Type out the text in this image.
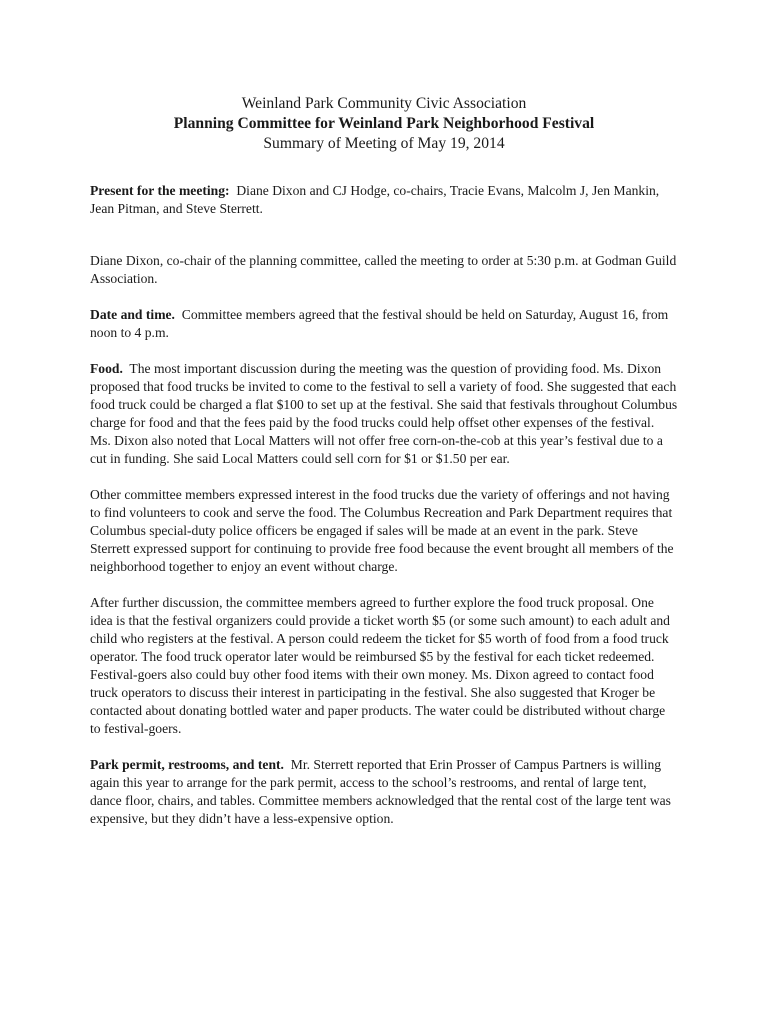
Weinland Park Community Civic Association
Planning Committee for Weinland Park Neighborhood Festival
Summary of Meeting of May 19, 2014

Present for the meeting: Diane Dixon and CJ Hodge, co-chairs, Tracie Evans, Malcolm J, Jen Mankin, Jean Pitman, and Steve Sterrett.

Diane Dixon, co-chair of the planning committee, called the meeting to order at 5:30 p.m. at Godman Guild Association.

Date and time. Committee members agreed that the festival should be held on Saturday, August 16, from noon to 4 p.m.

Food. The most important discussion during the meeting was the question of providing food. Ms. Dixon proposed that food trucks be invited to come to the festival to sell a variety of food. She suggested that each food truck could be charged a flat $100 to set up at the festival. She said that festivals throughout Columbus charge for food and that the fees paid by the food trucks could help offset other expenses of the festival. Ms. Dixon also noted that Local Matters will not offer free corn-on-the-cob at this year’s festival due to a cut in funding. She said Local Matters could sell corn for $1 or $1.50 per ear.

Other committee members expressed interest in the food trucks due the variety of offerings and not having to find volunteers to cook and serve the food. The Columbus Recreation and Park Department requires that Columbus special-duty police officers be engaged if sales will be made at an event in the park. Steve Sterrett expressed support for continuing to provide free food because the event brought all members of the neighborhood together to enjoy an event without charge.

After further discussion, the committee members agreed to further explore the food truck proposal. One idea is that the festival organizers could provide a ticket worth $5 (or some such amount) to each adult and child who registers at the festival. A person could redeem the ticket for $5 worth of food from a food truck operator. The food truck operator later would be reimbursed $5 by the festival for each ticket redeemed. Festival-goers also could buy other food items with their own money. Ms. Dixon agreed to contact food truck operators to discuss their interest in participating in the festival. She also suggested that Kroger be contacted about donating bottled water and paper products. The water could be distributed without charge to festival-goers.

Park permit, restrooms, and tent. Mr. Sterrett reported that Erin Prosser of Campus Partners is willing again this year to arrange for the park permit, access to the school’s restrooms, and rental of large tent, dance floor, chairs, and tables. Committee members acknowledged that the rental cost of the large tent was expensive, but they didn’t have a less-expensive option.
